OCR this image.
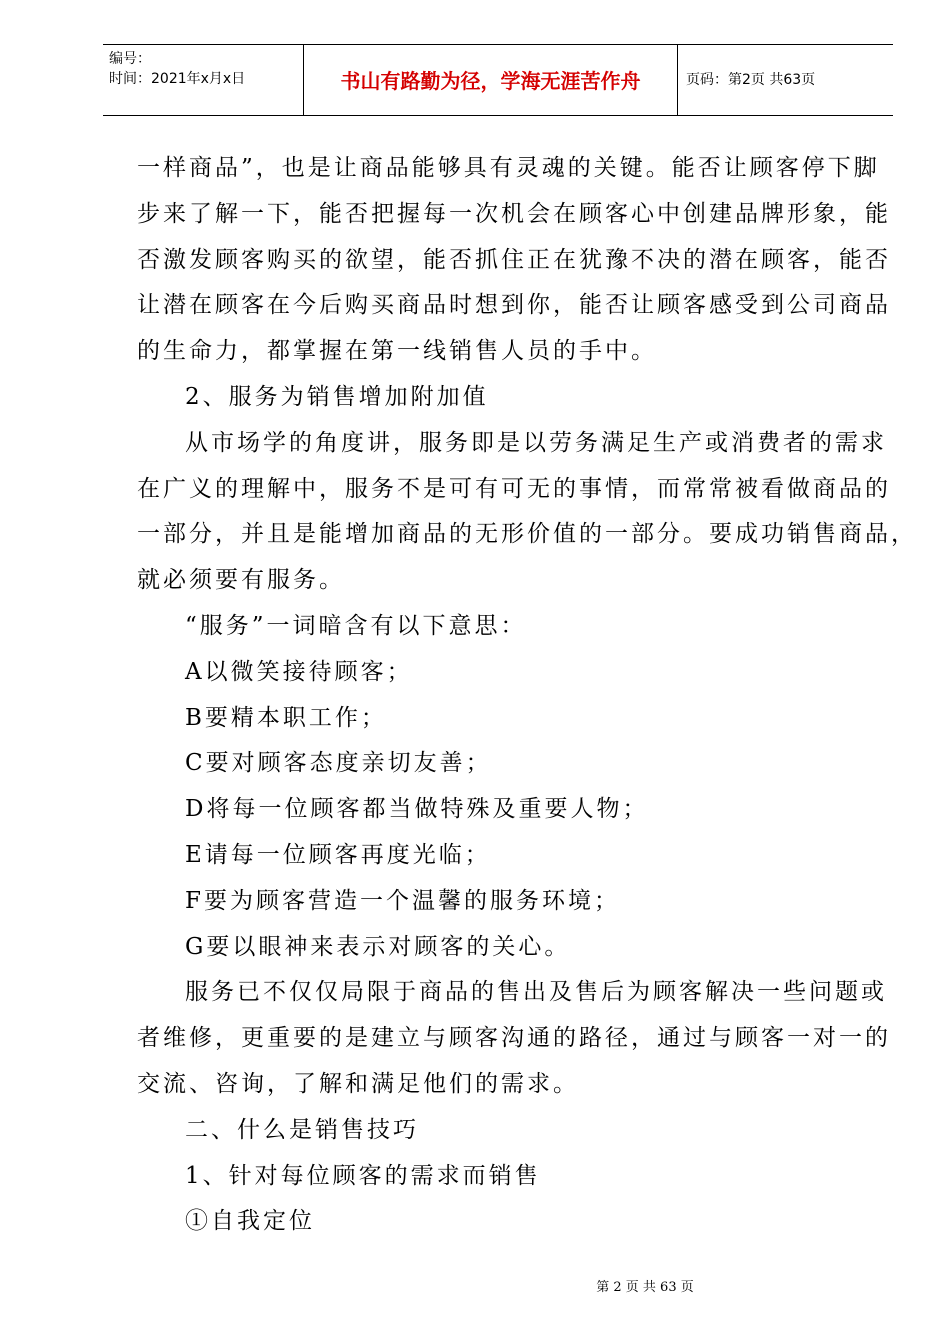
编号：
时间：2021年x月x日	书山有路勤为径，学海无涯苦作舟	页码：第2页 共63页
一样商品”，也是让商品能够具有灵魂的关键。能否让顾客停下脚
步来了解一下，能否把握每一次机会在顾客心中创建品牌形象，能
否激发顾客购买的欲望，能否抓住正在犹豫不决的潜在顾客，能否
让潜在顾客在今后购买商品时想到你，能否让顾客感受到公司商品
的生命力，都掌握在第一线销售人员的手中。
2、服务为销售增加附加值
从市场学的角度讲，服务即是以劳务满足生产或消费者的需求
在广义的理解中，服务不是可有可无的事情，而常常被看做商品的
一部分，并且是能增加商品的无形价值的一部分。要成功销售商品，
就必须要有服务。
“服务”一词暗含有以下意思：
A以微笑接待顾客；
B要精本职工作；
C要对顾客态度亲切友善；
D将每一位顾客都当做特殊及重要人物；
E请每一位顾客再度光临；
F要为顾客营造一个温馨的服务环境；
G要以眼神来表示对顾客的关心。
服务已不仅仅局限于商品的售出及售后为顾客解决一些问题或
者维修，更重要的是建立与顾客沟通的路径，通过与顾客一对一的
交流、咨询，了解和满足他们的需求。
二、什么是销售技巧
1、针对每位顾客的需求而销售
①自我定位
第 2 页 共 63 页
